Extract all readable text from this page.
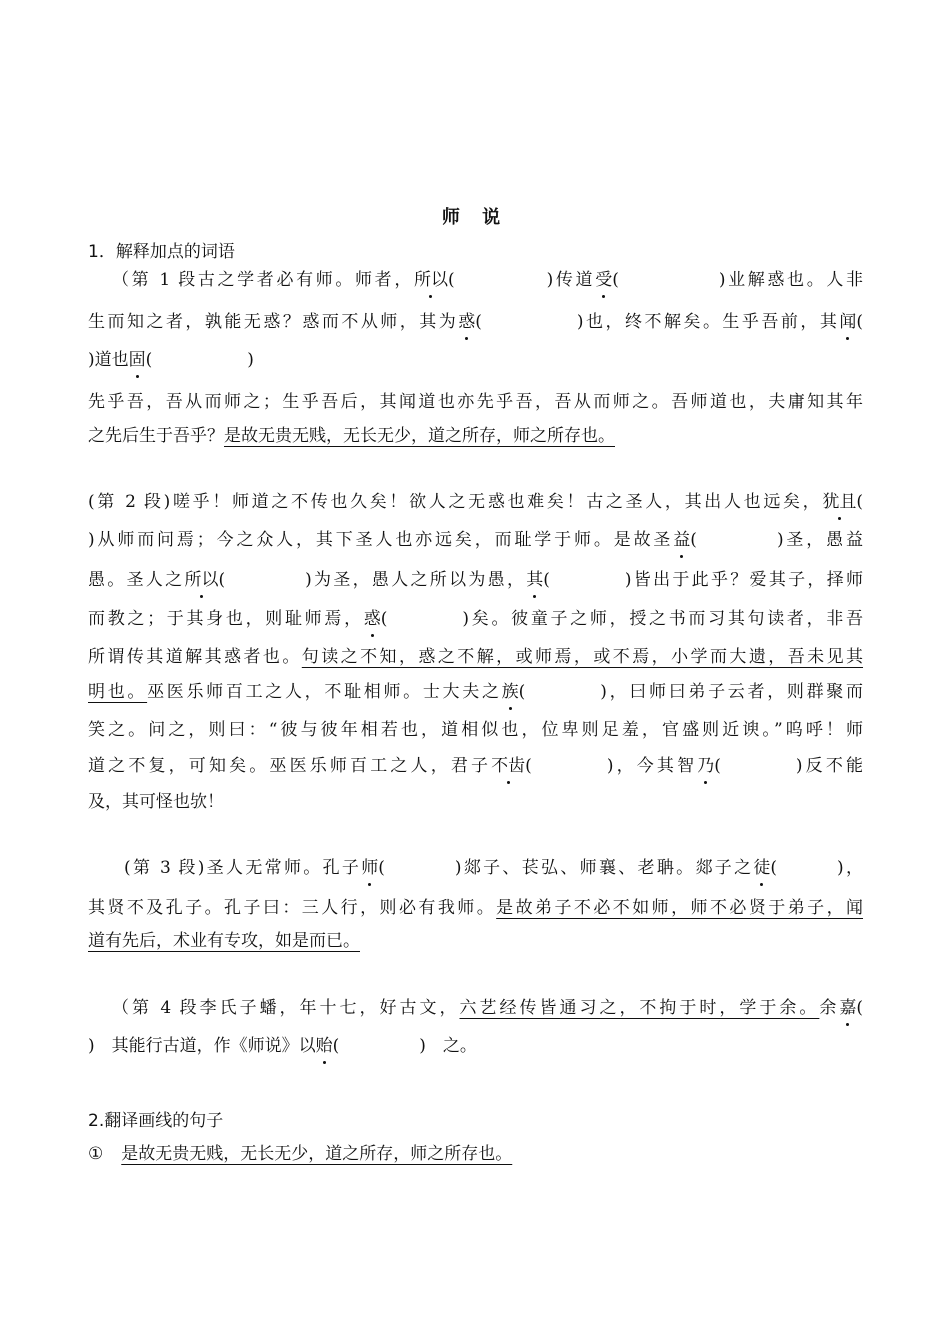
师 说
1．解释加点的词语
（第 1 段古之学者必有师。师者，所以(	)传道受(	)业解惑也。人非
生而知之者，孰能无惑？惑而不从师，其为惑(	)也，终不解矣。生乎吾前，其闻(
)道也固(	)
先乎吾，吾从而师之；生乎吾后，其闻道也亦先乎吾，吾从而师之。吾师道也，夫庸知其年
之先后生于吾乎？是故无贵无贱，无长无少，道之所存，师之所存也。
(第 2 段)嗟乎！师道之不传也久矣！欲人之无惑也难矣！古之圣人，其出人也远矣，犹且(
)从师而问焉；今之众人，其下圣人也亦远矣，而耻学于师。是故圣益(	)圣，愚益
愚。圣人之所以(	)为圣，愚人之所以为愚，其(	)皆出于此乎？爱其子，择师
而教之；于其身也，则耻师焉，惑(	)矣。彼童子之师，授之书而习其句读者，非吾
所谓传其道解其惑者也。句读之不知，惑之不解，或师焉，或不焉，小学而大遗，吾未见其
明也。巫医乐师百工之人，不耻相师。士大夫之族(	)，曰师曰弟子云者，则群聚而
笑之。问之，则曰：“彼与彼年相若也，道相似也，位卑则足羞，官盛则近谀。”呜呼！师
道之不复，可知矣。巫医乐师百工之人，君子不齿(	)，今其智乃(	)反不能
及，其可怪也欤！
(第 3 段)圣人无常师。孔子师(	)郯子、苌弘、师襄、老聃。郯子之徒(	)，
其贤不及孔子。孔子曰：三人行，则必有我师。是故弟子不必不如师，师不必贤于弟子，闻
道有先后，术业有专攻，如是而已。
（第 4 段李氏子蟠，年十七，好古文，六艺经传皆通习之，不拘于时，学于余。余嘉(
)　其能行古道，作《师说》以贻(	)　之。
2.翻译画线的句子
① 是故无贵无贱，无长无少，道之所存，师之所存也。
